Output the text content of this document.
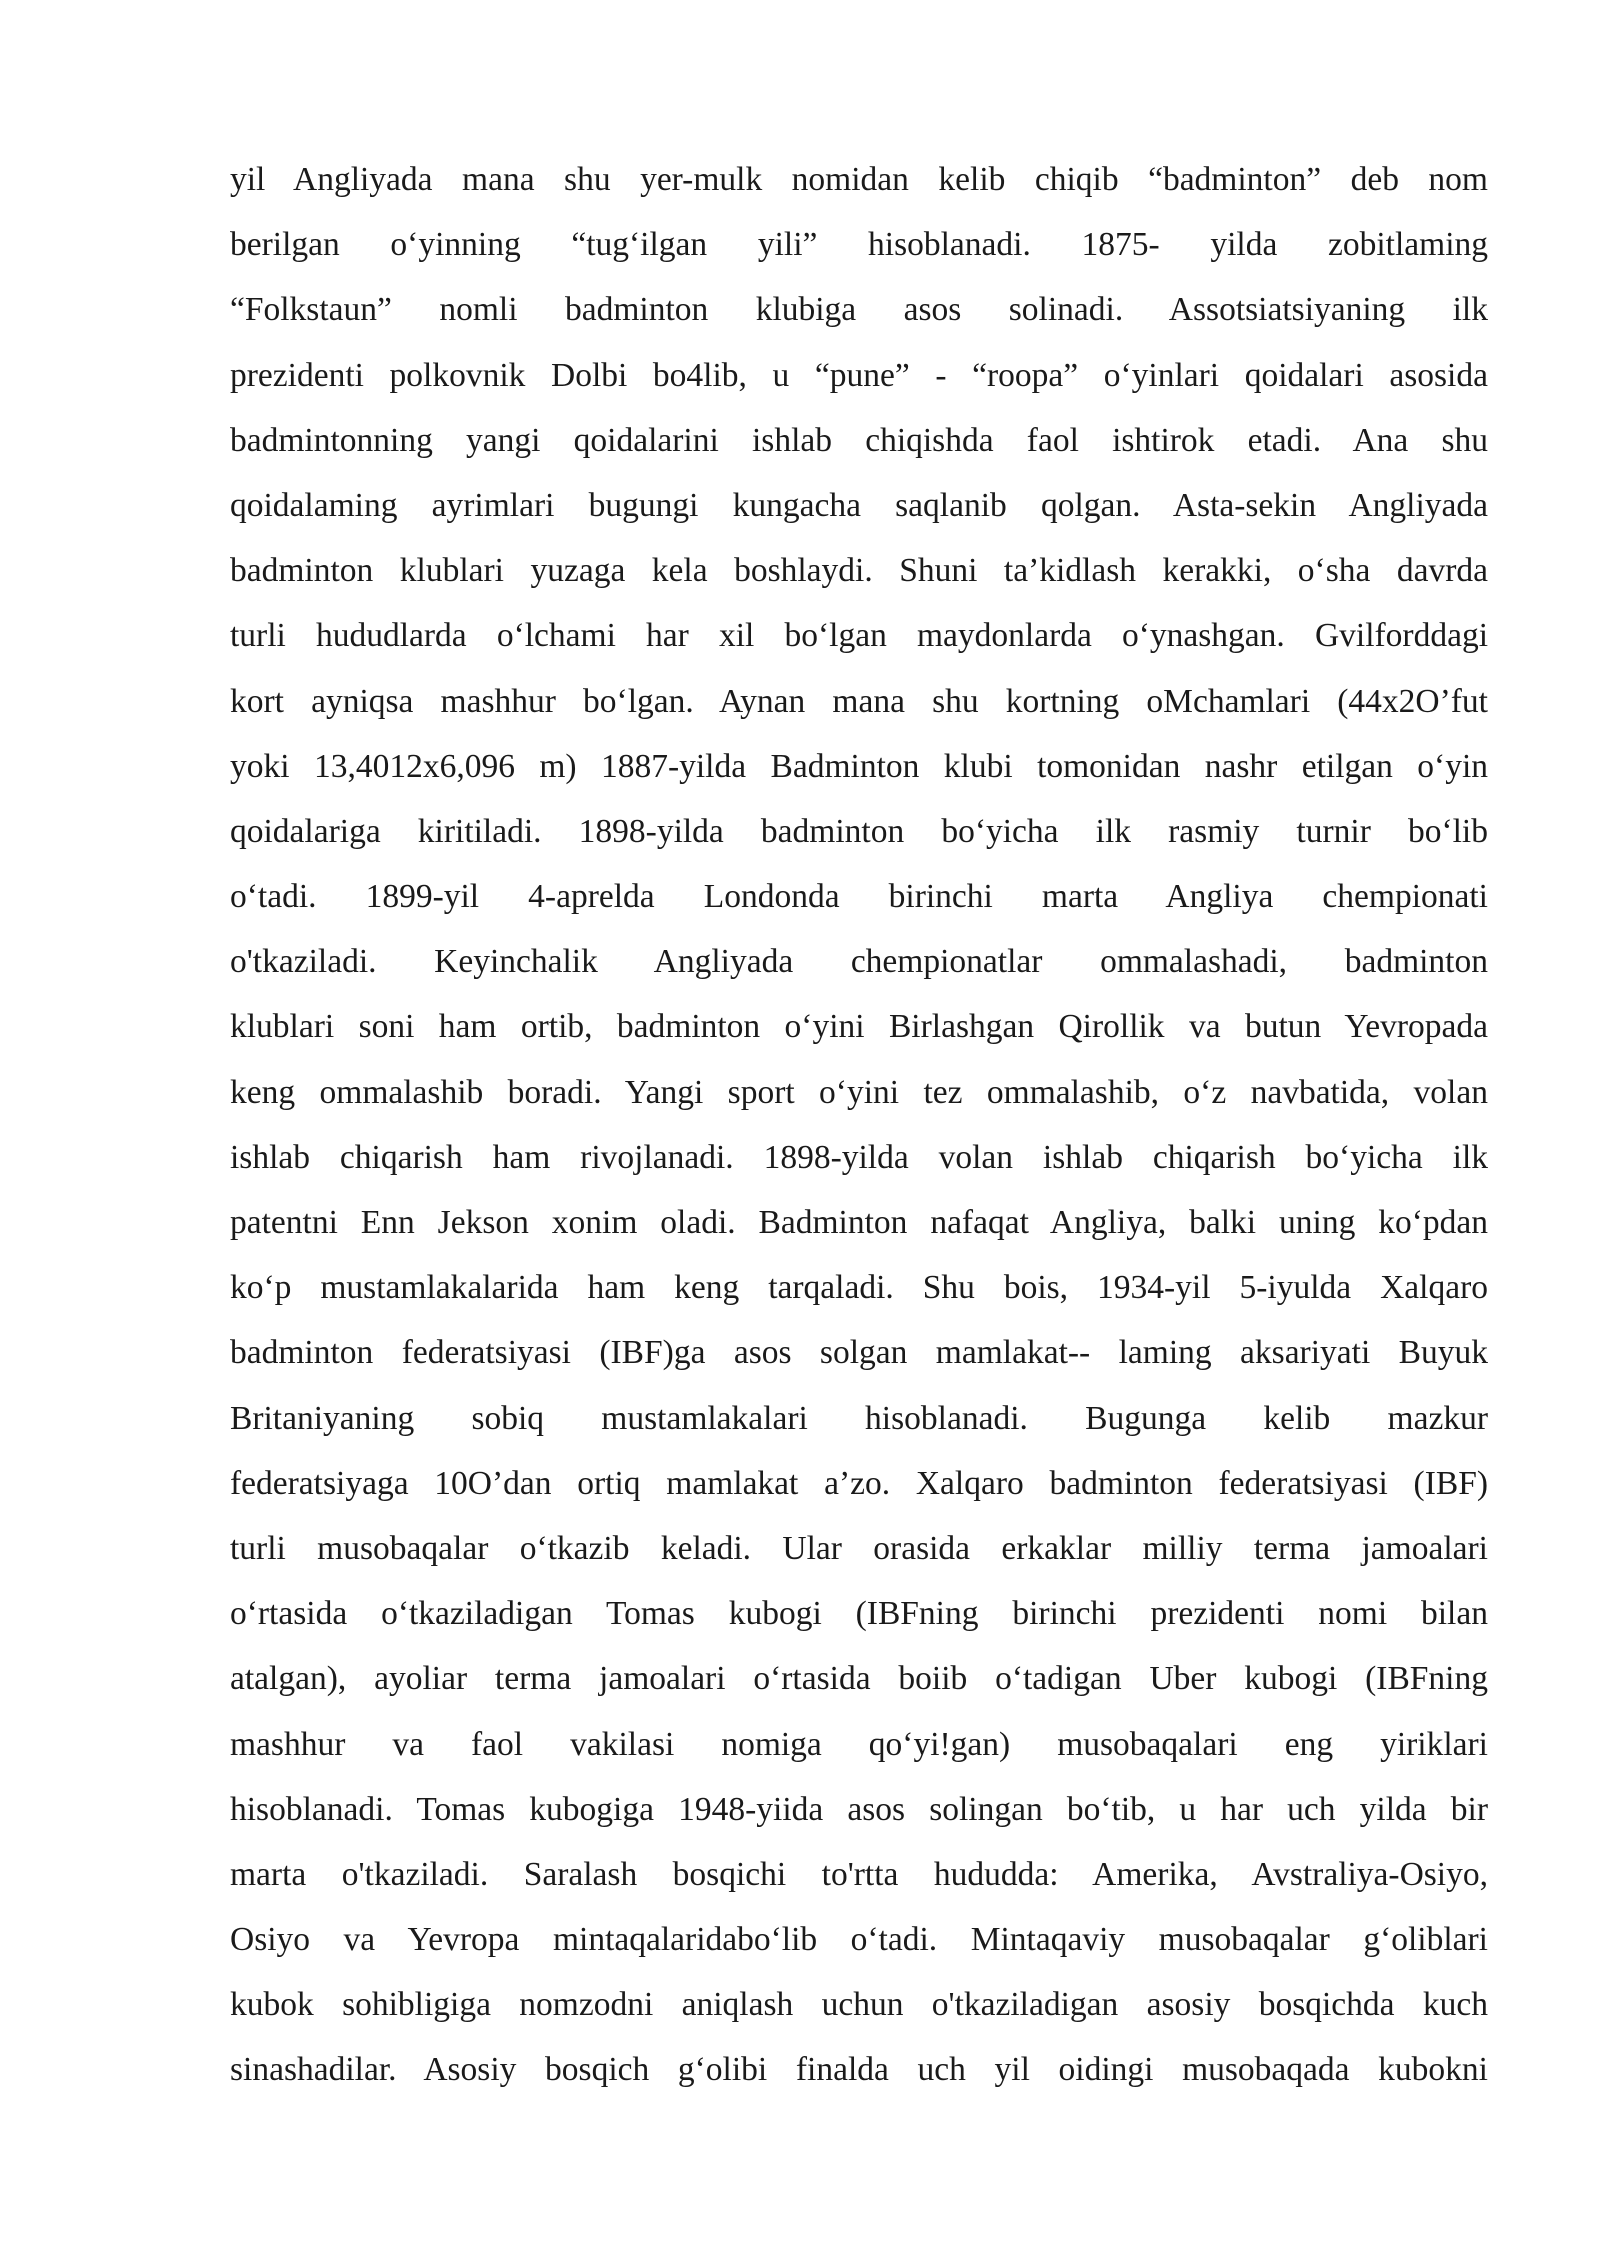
yil Angliyada mana shu yer-mulk nomidan kelib chiqib “badminton” deb nom
berilgan o‘yinning “tug‘ilgan yili” hisoblanadi. 1875- yilda zobitlaming
“Folkstaun” nomli badminton klubiga asos solinadi. Assotsiatsiyaning ilk
prezidenti polkovnik Dolbi bo4lib, u “pune” - “roopa” o‘yinlari qoidalari asosida
badmintonning yangi qoidalarini ishlab chiqishda faol ishtirok etadi. Ana shu
qoidalaming ayrimlari bugungi kungacha saqlanib qolgan. Asta-sekin Angliyada
badminton klublari yuzaga kela boshlaydi. Shuni ta’kidlash kerakki, o‘sha davrda
turli hududlarda o‘lchami har xil bo‘lgan maydonlarda o‘ynashgan. Gvilforddagi
kort ayniqsa mashhur bo‘lgan. Aynan mana shu kortning oMchamlari (44x2O’fut
yoki 13,4012x6,096 m) 1887-yilda Badminton klubi tomonidan nashr etilgan o‘yin
qoidalariga kiritiladi. 1898-yilda badminton bo‘yicha ilk rasmiy turnir bo‘lib
o‘tadi. 1899-yil 4-aprelda Londonda birinchi marta Angliya chempionati
o'tkaziladi. Keyinchalik Angliyada chempionatlar ommalashadi, badminton
klublari soni ham ortib, badminton o‘yini Birlashgan Qirollik va butun Yevropada
keng ommalashib boradi. Yangi sport o‘yini tez ommalashib, o‘z navbatida, volan
ishlab chiqarish ham rivojlanadi. 1898-yilda volan ishlab chiqarish bo‘yicha ilk
patentni Enn Jekson xonim oladi. Badminton nafaqat Angliya, balki uning ko‘pdan
ko‘p mustamlakalarida ham keng tarqaladi. Shu bois, 1934-yil 5-iyulda Xalqaro
badminton federatsiyasi (IBF)ga asos solgan mamlakat-- laming aksariyati Buyuk
Britaniyaning sobiq mustamlakalari hisoblanadi. Bugunga kelib mazkur
federatsiyaga 10O’dan ortiq mamlakat a’zo. Xalqaro badminton federatsiyasi (IBF)
turli musobaqalar o‘tkazib keladi. Ular orasida erkaklar milliy terma jamoalari
o‘rtasida o‘tkaziladigan Tomas kubogi (IBFning birinchi prezidenti nomi bilan
atalgan), ayoliar terma jamoalari o‘rtasida boiib o‘tadigan Uber kubogi (IBFning
mashhur va faol vakilasi nomiga qo‘yi!gan) musobaqalari eng yiriklari
hisoblanadi. Tomas kubogiga 1948-yiida asos solingan bo‘tib, u har uch yilda bir
marta o'tkaziladi. Saralash bosqichi to'rtta hududda: Amerika, Avstraliya-Osiyo,
Osiyo va Yevropa mintaqalaridabo‘lib o‘tadi. Mintaqaviy musobaqalar g‘oliblari
kubok sohibligiga nomzodni aniqlash uchun o'tkaziladigan asosiy bosqichda kuch
sinashadilar. Asosiy bosqich g‘olibi finalda uch yil oidingi musobaqada kubokni
